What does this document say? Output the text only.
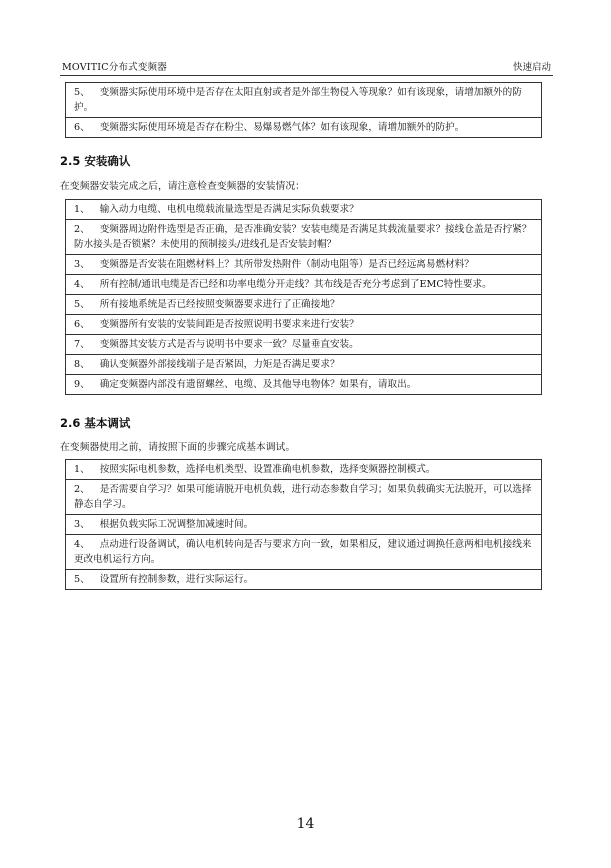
MOVITIC分布式变频器	快速启动
5、 变频器实际使用环境中是否存在太阳直射或者是外部生物侵入等现象？如有该现象，请增加额外的防护。
6、 变频器实际使用环境是否存在粉尘、易爆易燃气体？如有该现象，请增加额外的防护。
2.5 安装确认
在变频器安装完成之后，请注意检查变频器的安装情况：
1、 输入动力电缆、电机电缆载流量选型是否满足实际负载要求？
2、 变频器周边附件选型是否正确，是否准确安装？安装电缆是否满足其载流量要求？接线仓盖是否拧紧？防水接头是否锁紧？未使用的预制接头/进线孔是否安装封帽？
3、 变频器是否安装在阻燃材料上？其所带发热附件（制动电阻等）是否已经远离易燃材料？
4、 所有控制/通讯电缆是否已经和功率电缆分开走线？其布线是否充分考虑到了EMC特性要求。
5、 所有接地系统是否已经按照变频器要求进行了正确接地？
6、 变频器所有安装的安装间距是否按照说明书要求来进行安装？
7、 变频器其安装方式是否与说明书中要求一致？尽量垂直安装。
8、 确认变频器外部接线端子是否紧固，力矩是否满足要求？
9、 确定变频器内部没有遗留螺丝、电缆、及其他导电物体？如果有，请取出。
2.6 基本调试
在变频器使用之前，请按照下面的步骤完成基本调试。
1、 按照实际电机参数，选择电机类型、设置准确电机参数，选择变频器控制模式。
2、 是否需要自学习？如果可能请脱开电机负载，进行动态参数自学习；如果负载确实无法脱开，可以选择静态自学习。
3、 根据负载实际工况调整加减速时间。
4、 点动进行设备调试，确认电机转向是否与要求方向一致，如果相反，建议通过调换任意两相电机接线来更改电机运行方向。
5、 设置所有控制参数，进行实际运行。
14
